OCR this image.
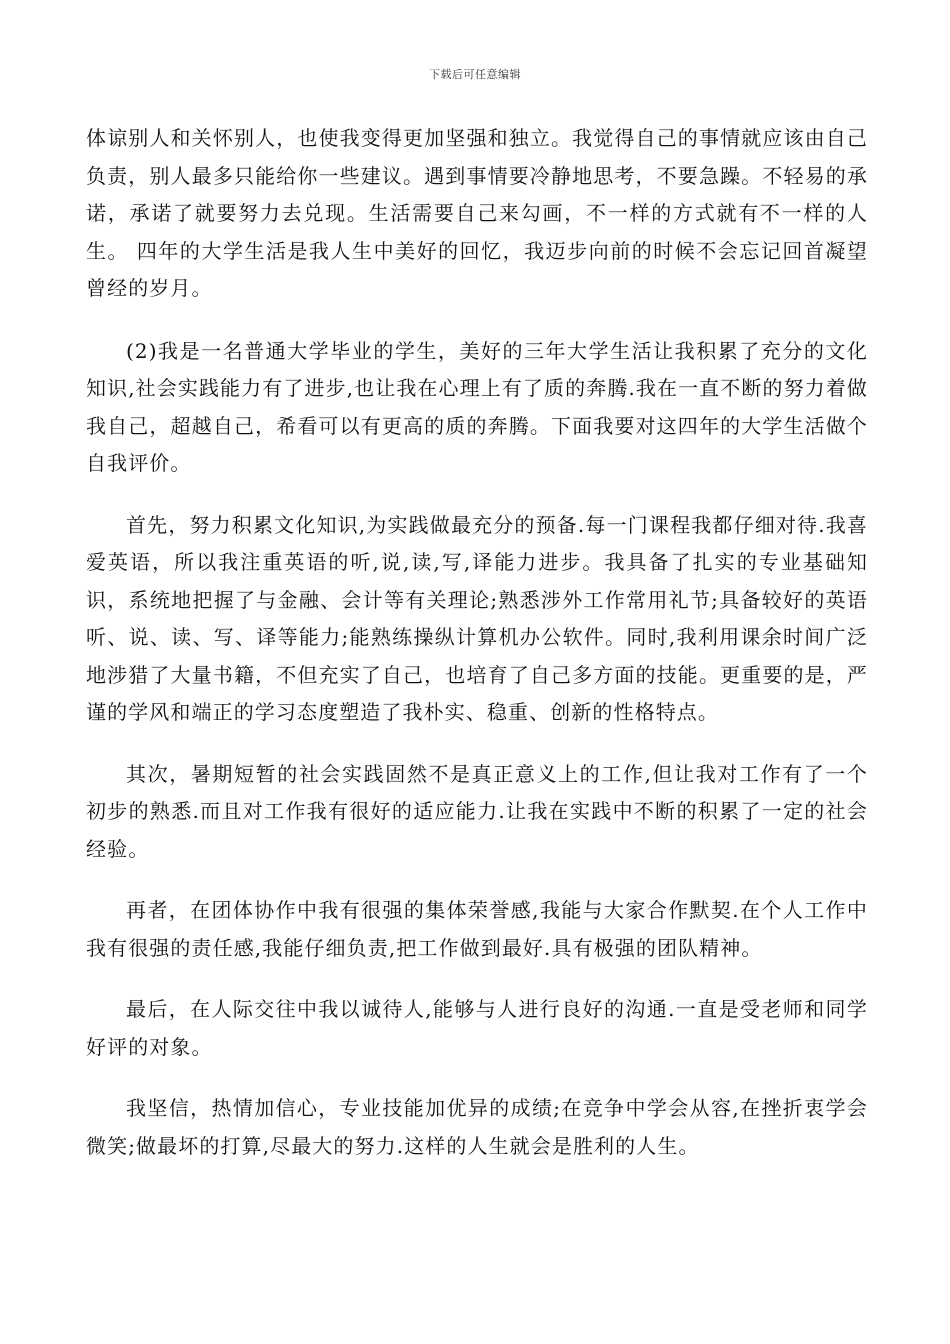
下载后可任意编辑

体谅别人和关怀别人，也使我变得更加坚强和独立。我觉得自己的事情就应该由自己负责，别人最多只能给你一些建议。遇到事情要冷静地思考，不要急躁。不轻易的承诺，承诺了就要努力去兑现。生活需要自己来勾画，不一样的方式就有不一样的人生。 四年的大学生活是我人生中美好的回忆，我迈步向前的时候不会忘记回首凝望曾经的岁月。

(2)我是一名普通大学毕业的学生，美好的三年大学生活让我积累了充分的文化知识,社会实践能力有了进步,也让我在心理上有了质的奔腾.我在一直不断的努力着做我自己，超越自己，希看可以有更高的质的奔腾。下面我要对这四年的大学生活做个自我评价。

首先，努力积累文化知识,为实践做最充分的预备.每一门课程我都仔细对待.我喜爱英语，所以我注重英语的听,说,读,写,译能力进步。我具备了扎实的专业基础知识，系统地把握了与金融、会计等有关理论;熟悉涉外工作常用礼节;具备较好的英语听、说、读、写、译等能力;能熟练操纵计算机办公软件。同时,我利用课余时间广泛地涉猎了大量书籍，不但充实了自己，也培育了自己多方面的技能。更重要的是，严谨的学风和端正的学习态度塑造了我朴实、稳重、创新的性格特点。

其次，暑期短暂的社会实践固然不是真正意义上的工作,但让我对工作有了一个初步的熟悉.而且对工作我有很好的适应能力.让我在实践中不断的积累了一定的社会经验。

再者，在团体协作中我有很强的集体荣誉感,我能与大家合作默契.在个人工作中我有很强的责任感,我能仔细负责,把工作做到最好.具有极强的团队精神。

最后，在人际交往中我以诚待人,能够与人进行良好的沟通.一直是受老师和同学好评的对象。

我坚信，热情加信心，专业技能加优异的成绩;在竞争中学会从容,在挫折衷学会微笑;做最坏的打算,尽最大的努力.这样的人生就会是胜利的人生。
